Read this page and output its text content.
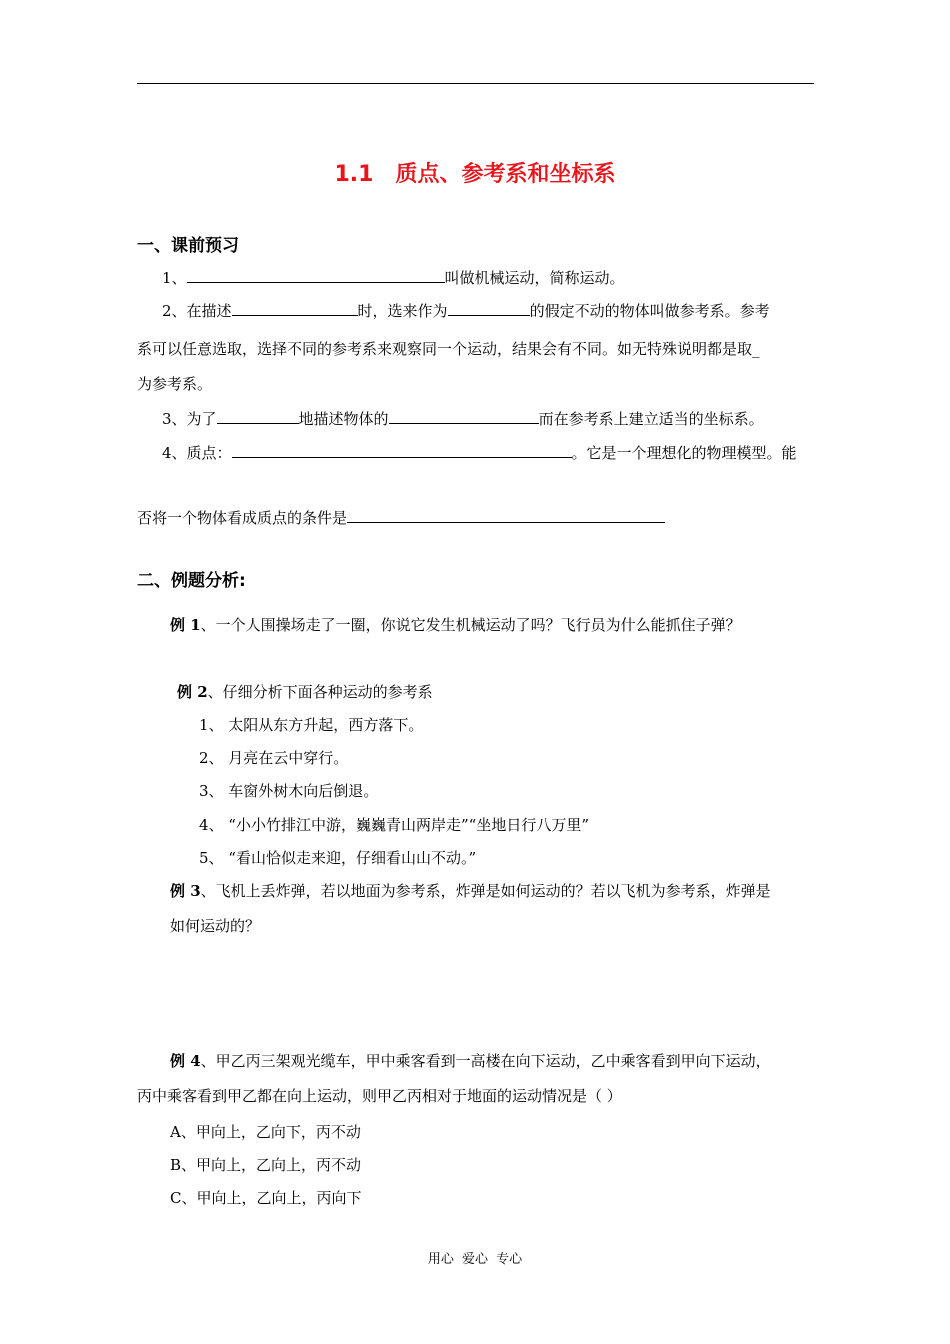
1.1 质点、参考系和坐标系
一、课前预习
1、	叫做机械运动，简称运动。
2、在描述	时，选来作为	的假定不动的物体叫做参考系。参考
系可以任意选取，选择不同的参考系来观察同一个运动，结果会有不同。如无特殊说明都是取_
为参考系。
3、为了	地描述物体的	而在参考系上建立适当的坐标系。
4、质点：	。它是一个理想化的物理模型。能
否将一个物体看成质点的条件是
二、例题分析:
例 1、一个人围操场走了一圈，你说它发生机械运动了吗？飞行员为什么能抓住子弹？
例 2、仔细分析下面各种运动的参考系
1、 太阳从东方升起，西方落下。
2、 月亮在云中穿行。
3、 车窗外树木向后倒退。
4、 “小小竹排江中游，巍巍青山两岸走”“坐地日行八万里”
5、 “看山恰似走来迎，仔细看山山不动。”
例 3、飞机上丢炸弹，若以地面为参考系，炸弹是如何运动的？若以飞机为参考系，炸弹是
如何运动的？
例 4、甲乙丙三架观光缆车，甲中乘客看到一高楼在向下运动，乙中乘客看到甲向下运动，
丙中乘客看到甲乙都在向上运动，则甲乙丙相对于地面的运动情况是（ ）
A、甲向上，乙向下，丙不动
B、甲向上，乙向上，丙不动
C、甲向上，乙向上，丙向下
用心 爱心 专心
